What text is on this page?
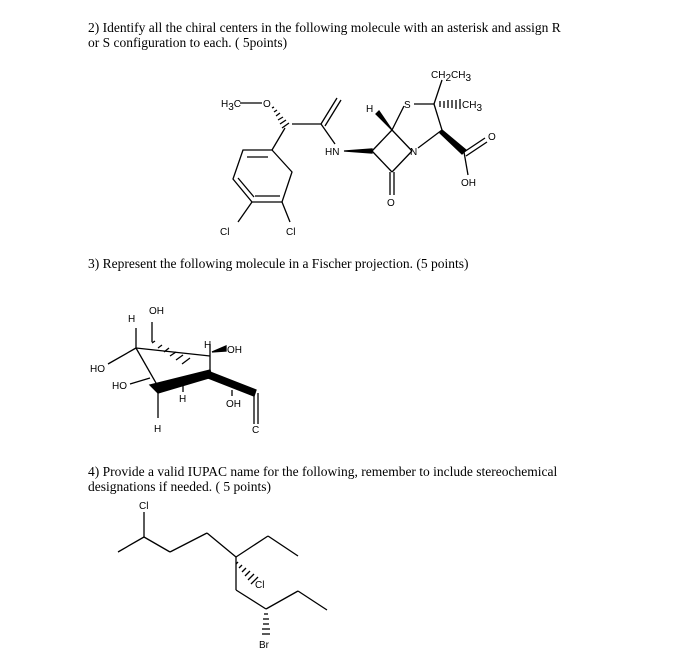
2) Identify all the chiral centers in the following molecule with an asterisk and assign R
or S configuration to each. ( 5points)
3) Represent the following molecule in a Fischer projection. (5 points)
4) Provide a valid IUPAC name for the following, remember to include stereochemical
designations if needed. ( 5 points)
H3C O
HN
H	S
N
CH2CH3
CH3
O
O
OH
Cl	Cl
H
OH
H OH
HO
HO
H	OH
H	C
Cl
Cl
Br
